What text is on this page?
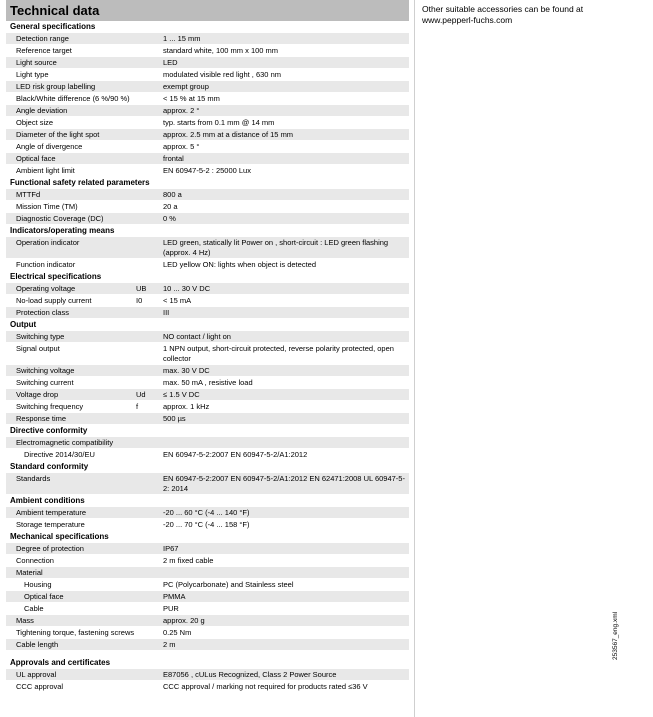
Technical data
General specifications
Detection range	1 ... 15 mm
Reference target	standard white, 100 mm x 100 mm
Light source	LED
Light type	modulated visible red light , 630 nm
LED risk group labelling	exempt group
Black/White difference (6 %/90 %)	< 15 % at 15 mm
Angle deviation	approx. 2 °
Object size	typ. starts from 0.1 mm @ 14 mm
Diameter of the light spot	approx. 2.5 mm at a distance of 15 mm
Angle of divergence	approx. 5 °
Optical face	frontal
Ambient light limit	EN 60947-5-2 : 25000 Lux
Functional safety related parameters
MTTFd	800 a
Mission Time (TM)	20 a
Diagnostic Coverage (DC)	0 %
Indicators/operating means
Operation indicator	LED green, statically lit Power on , short-circuit : LED green flashing (approx. 4 Hz)
Function indicator	LED yellow ON: lights when object is detected
Electrical specifications
Operating voltage	UB	10 ... 30 V DC
No-load supply current	I0	< 15 mA
Protection class	III
Output
Switching type	NO contact / light on
Signal output	1 NPN output, short-circuit protected, reverse polarity protected, open collector
Switching voltage	max. 30 V DC
Switching current	max. 50 mA , resistive load
Voltage drop	Ud	≤ 1.5 V DC
Switching frequency	f	approx. 1 kHz
Response time	500 µs
Directive conformity
Electromagnetic compatibility
Directive 2014/30/EU	EN 60947-5-2:2007 EN 60947-5-2/A1:2012
Standard conformity
Standards	EN 60947-5-2:2007 EN 60947-5-2/A1:2012 EN 62471:2008 UL 60947-5-2: 2014
Ambient conditions
Ambient temperature	-20 ... 60 °C (-4 ... 140 °F)
Storage temperature	-20 ... 70 °C (-4 ... 158 °F)
Mechanical specifications
Degree of protection	IP67
Connection	2 m fixed cable
Material
Housing	PC (Polycarbonate) and Stainless steel
Optical face	PMMA
Cable	PUR
Mass	approx. 20 g
Tightening torque, fastening screws	0.25 Nm
Cable length	2 m
Approvals and certificates
UL approval	E87056 , cULus Recognized, Class 2 Power Source
CCC approval	CCC approval / marking not required for products rated ≤36 V
Other suitable accessories can be found at www.pepperl-fuchs.com
253567_eng.xml
